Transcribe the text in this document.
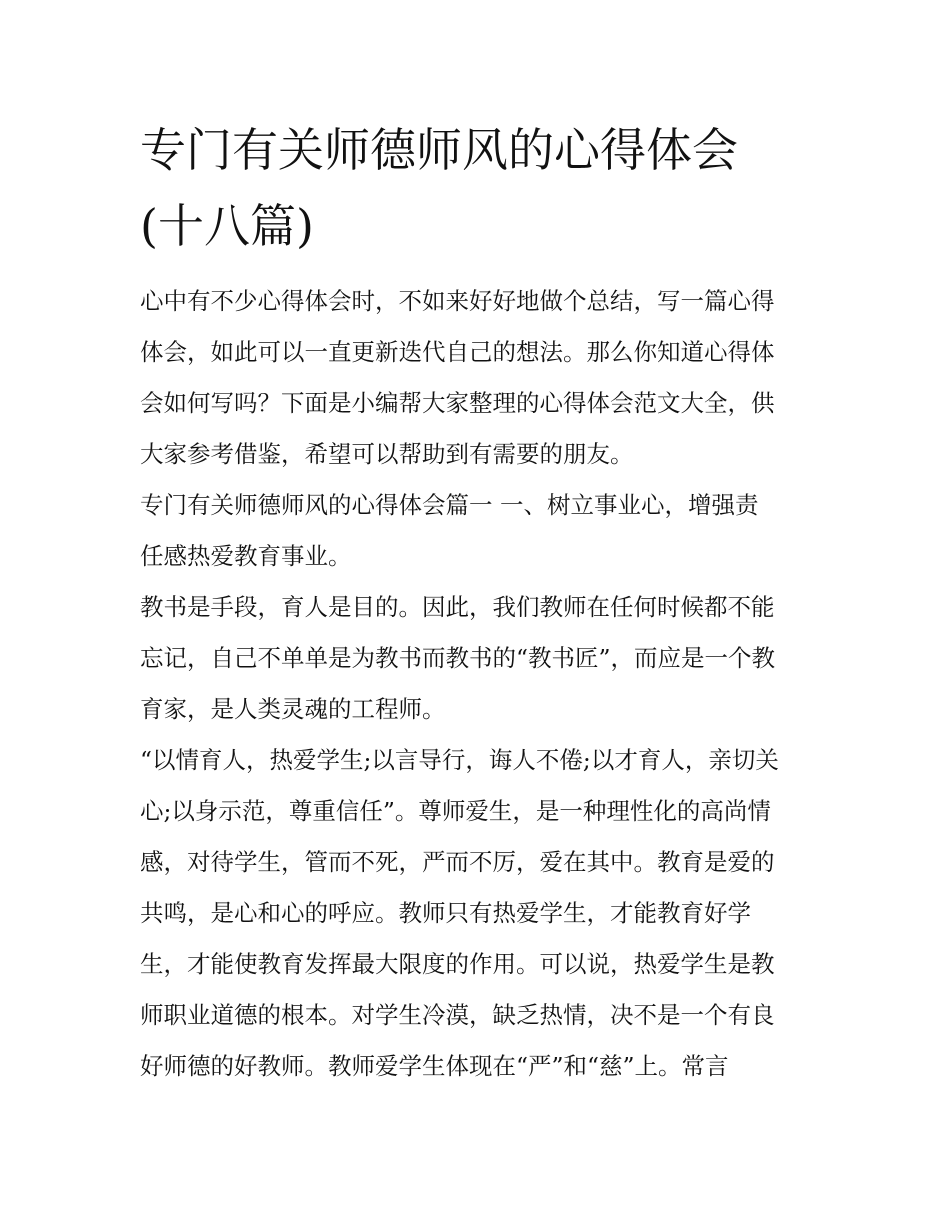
专门有关师德师风的心得体会
(十八篇)
心中有不少心得体会时，不如来好好地做个总结，写一篇心得
体会，如此可以一直更新迭代自己的想法。那么你知道心得体
会如何写吗？下面是小编帮大家整理的心得体会范文大全，供
大家参考借鉴，希望可以帮助到有需要的朋友。
专门有关师德师风的心得体会篇一 一、树立事业心，增强责
任感热爱教育事业。
教书是手段，育人是目的。因此，我们教师在任何时候都不能
忘记，自己不单单是为教书而教书的“教书匠”，而应是一个教
育家，是人类灵魂的工程师。
“以情育人，热爱学生;以言导行，诲人不倦;以才育人，亲切关
心;以身示范，尊重信任”。尊师爱生，是一种理性化的高尚情
感，对待学生，管而不死，严而不厉，爱在其中。教育是爱的
共鸣，是心和心的呼应。教师只有热爱学生，才能教育好学
生，才能使教育发挥最大限度的作用。可以说，热爱学生是教
师职业道德的根本。对学生冷漠，缺乏热情，决不是一个有良
好师德的好教师。教师爱学生体现在“严”和“慈”上。常言
